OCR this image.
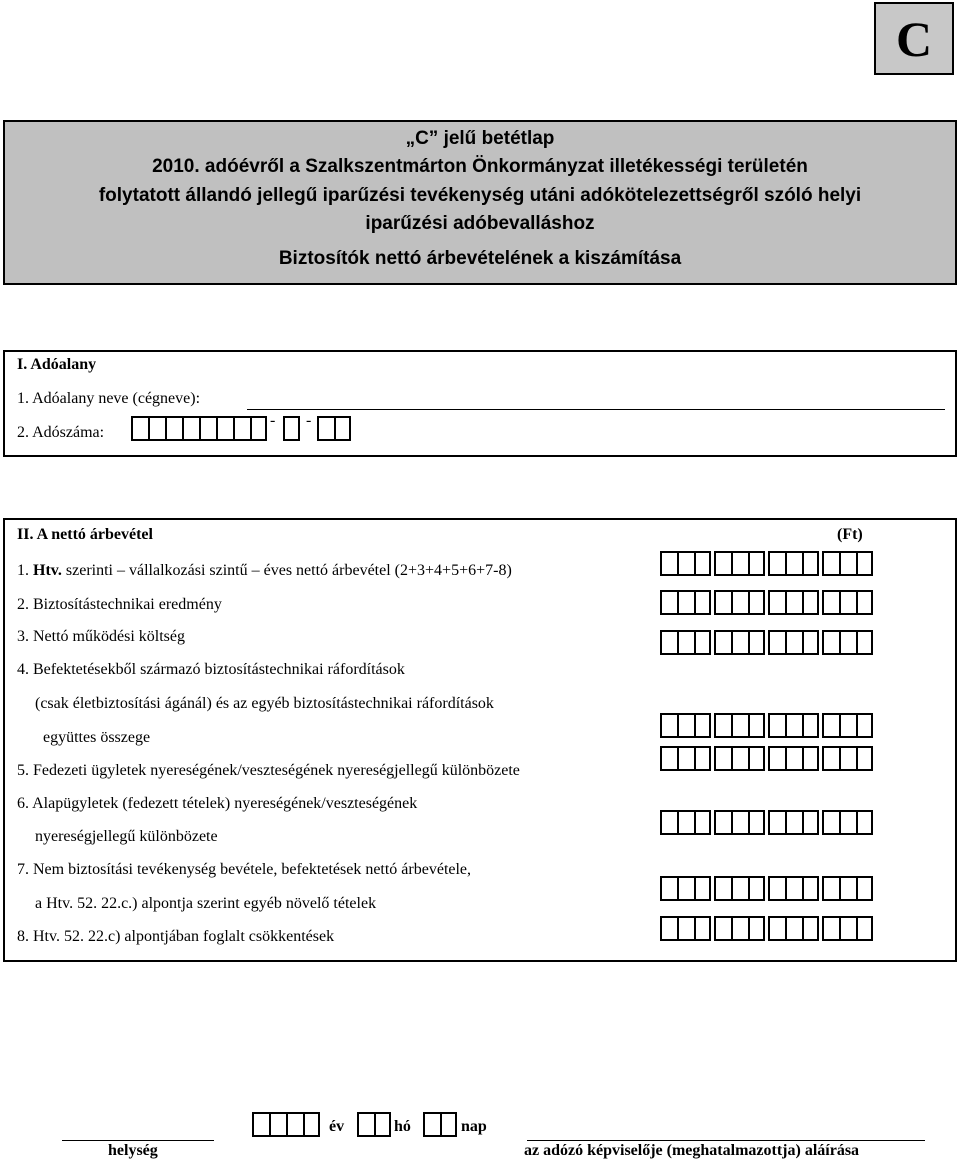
C
„C” jelű betétlap
2010. adóévről a Szalkszentmárton Önkormányzat illetékességi területén
folytatott állandó jellegű iparűzési tevékenység utáni adókötelezettségről szóló helyi
iparűzési adóbevalláshoz
Biztosítók nettó árbevételének a kiszámítása
I. Adóalany
1. Adóalany neve (cégneve):
2. Adószáma:
- -
II. A nettó árbevétel	(Ft)
1. Htv. szerinti – vállalkozási szintű – éves nettó árbevétel (2+3+4+5+6+7-8)
2. Biztosítástechnikai eredmény
3. Nettó működési költség
4. Befektetésekből származó biztosítástechnikai ráfordítások
(csak életbiztosítási ágánál) és az egyéb biztosítástechnikai ráfordítások
együttes összege
5. Fedezeti ügyletek nyereségének/veszteségének nyereségjellegű különbözete
6. Alapügyletek (fedezett tételek) nyereségének/veszteségének
nyereségjellegű különbözete
7. Nem biztosítási tevékenység bevétele, befektetések nettó árbevétele,
a Htv. 52. 22.c.) alpontja szerint egyéb növelő tételek
8. Htv. 52. 22.c) alpontjában foglalt csökkentések
helység
év	hó	nap
az adózó képviselője (meghatalmazottja) aláírása
